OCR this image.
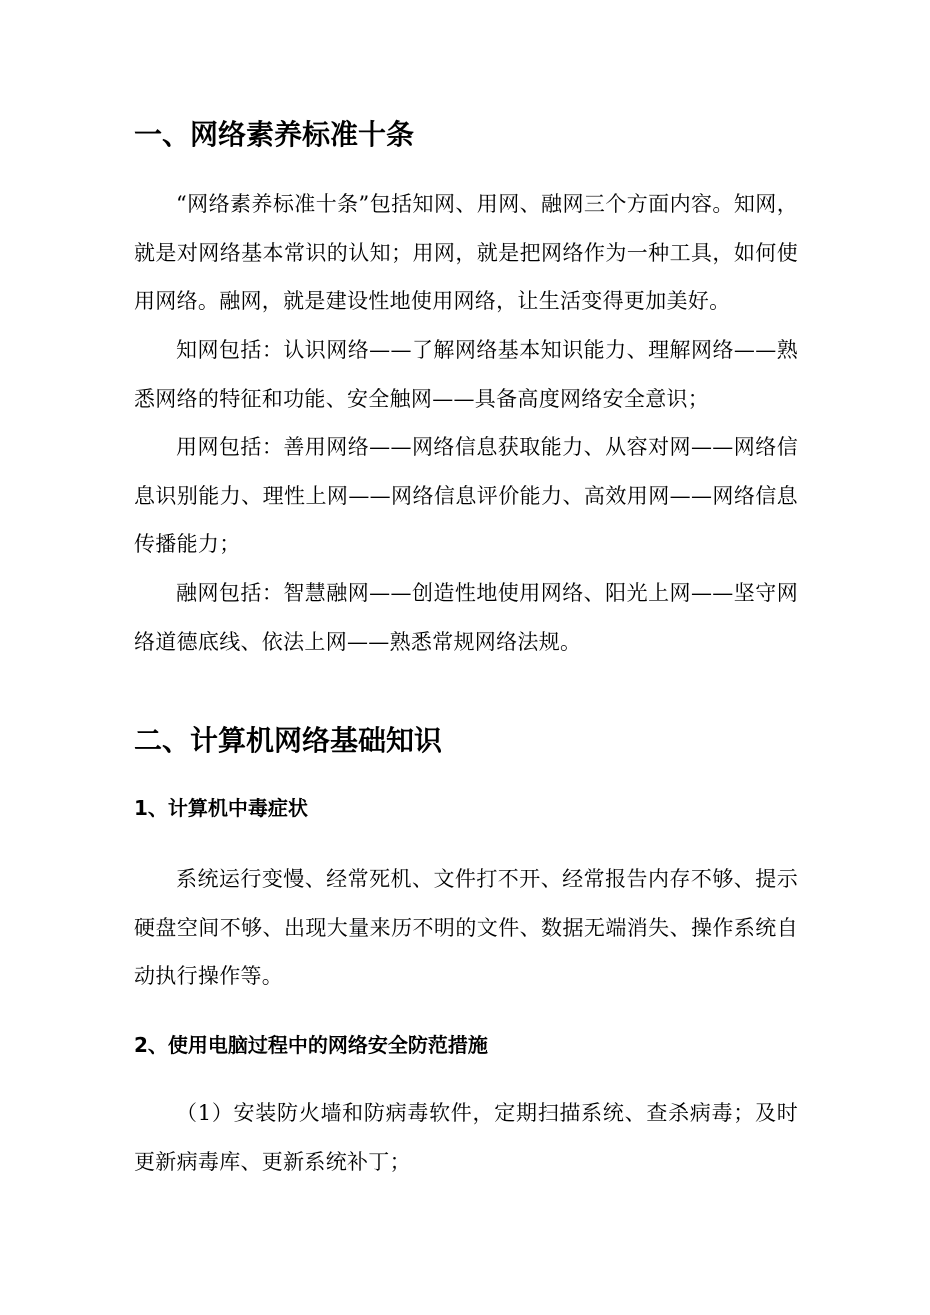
一、网络素养标准十条

“网络素养标准十条”包括知网、用网、融网三个方面内容。知网，就是对网络基本常识的认知；用网，就是把网络作为一种工具，如何使用网络。融网，就是建设性地使用网络，让生活变得更加美好。

知网包括：认识网络——了解网络基本知识能力、理解网络——熟悉网络的特征和功能、安全触网——具备高度网络安全意识；

用网包括：善用网络——网络信息获取能力、从容对网——网络信息识别能力、理性上网——网络信息评价能力、高效用网——网络信息传播能力；

融网包括：智慧融网——创造性地使用网络、阳光上网——坚守网络道德底线、依法上网——熟悉常规网络法规。

二、计算机网络基础知识
1、计算机中毒症状

系统运行变慢、经常死机、文件打不开、经常报告内存不够、提示硬盘空间不够、出现大量来历不明的文件、数据无端消失、操作系统自动执行操作等。

2、使用电脑过程中的网络安全防范措施

（1）安装防火墙和防病毒软件，定期扫描系统、查杀病毒；及时更新病毒库、更新系统补丁；
